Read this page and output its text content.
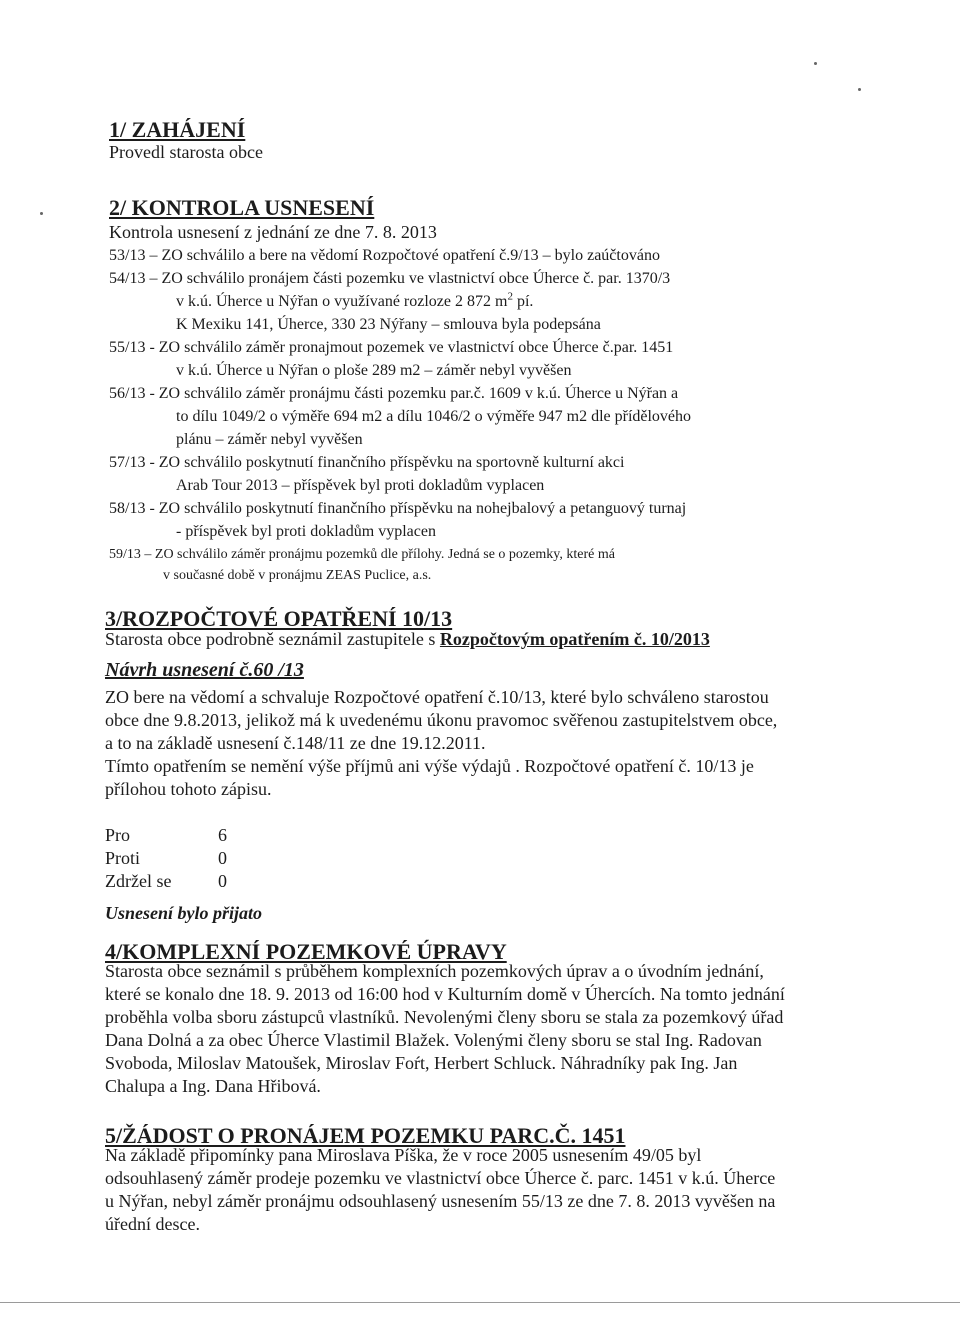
1/ ZAHÁJENÍ
Provedl starosta obce
2/ KONTROLA USNESENÍ
Kontrola usnesení z jednání ze dne 7. 8. 2013
53/13 – ZO schválilo a bere na vědomí Rozpočtové opatření č.9/13 – bylo zaúčtováno
54/13 – ZO schválilo pronájem části pozemku ve vlastnictví obce Úherce č. par. 1370/3
v k.ú. Úherce u Nýřan o využívané rozloze 2 872 $m^2$ pí.
K Mexiku 141, Úherce, 330 23 Nýřany – smlouva byla podepsána
55/13 - ZO schválilo záměr pronajmout pozemek ve vlastnictví obce Úherce č.par. 1451
v k.ú. Úherce u Nýřan o ploše 289 m2 – záměr nebyl vyvěšen
56/13 - ZO schválilo záměr pronájmu části pozemku par.č. 1609 v k.ú. Úherce u Nýřan a
to dílu 1049/2 o výměře 694 m2 a dílu 1046/2 o výměře 947 m2 dle přídělového
plánu – záměr nebyl vyvěšen
57/13 - ZO schválilo poskytnutí finančního příspěvku na sportovně kulturní akci
Arab Tour 2013 – příspěvek byl proti dokladům vyplacen
58/13 - ZO schválilo poskytnutí finančního příspěvku na nohejbalový a petanguový turnaj
- příspěvek byl proti dokladům vyplacen
59/13 – ZO schválilo záměr pronájmu pozemků dle přílohy. Jedná se o pozemky, které má
v současné době v pronájmu ZEAS Puclice, a.s.
3/ROZPOČTOVÉ OPATŘENÍ 10/13
Starosta obce podrobně seznámil zastupitele s Rozpočtovým opatřením č. 10/2013
Návrh usnesení č.60 /13
ZO bere na vědomí a schvaluje Rozpočtové opatření č.10/13, které bylo schváleno starostou
obce dne 9.8.2013, jelikož má k uvedenému úkonu pravomoc svěřenou zastupitelstvem obce,
a to na základě usnesení č.148/11 ze dne 19.12.2011.
Tímto opatřením se nemění výše příjmů ani výše výdajů . Rozpočtové opatření č. 10/13 je
přílohou tohoto zápisu.
Pro	6
Proti	0
Zdržel se	0
Usnesení bylo přijato
4/KOMPLEXNÍ POZEMKOVÉ ÚPRAVY
Starosta obce seznámil s průběhem komplexních pozemkových úprav a o úvodním jednání,
které se konalo dne 18. 9. 2013 od 16:00 hod v Kulturním domě v Úhercích. Na tomto jednání
proběhla volba sboru zástupců vlastníků. Nevolenými členy sboru se stala za pozemkový úřad
Dana Dolná a za obec Úherce Vlastimil Blažek. Volenými členy sboru se stal Ing. Radovan
Svoboda, Miloslav Matoušek, Miroslav Foŕt, Herbert Schluck. Náhradníky pak Ing. Jan
Chalupa a Ing. Dana Hřibová.
5/ŽÁDOST O PRONÁJEM POZEMKU PARC.Č. 1451
Na základě připomínky pana Miroslava Píška, že v roce 2005 usnesením 49/05 byl
odsouhlasený záměr prodeje pozemku ve vlastnictví obce Úherce č. parc. 1451 v k.ú. Úherce
u Nýřan, nebyl záměr pronájmu odsouhlasený usnesením 55/13 ze dne 7. 8. 2013 vyvěšen na
úřední desce.
